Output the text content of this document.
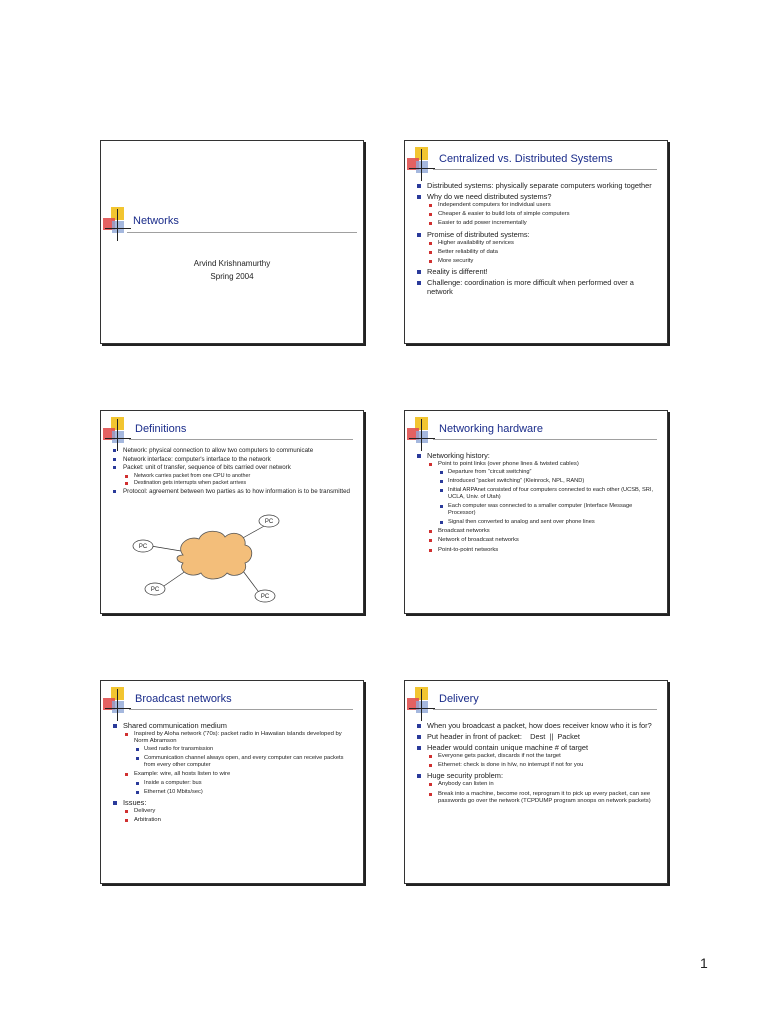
Networks
Arvind Krishnamurthy
Spring 2004
Centralized vs. Distributed Systems
Distributed systems: physically separate computers working together
Why do we need distributed systems?
Independent computers for individual users
Cheaper & easier to build lots of simple computers
Easier to add power incrementally
Promise of distributed systems:
Higher availability of services
Better reliability of data
More security
Reality is different!
Challenge: coordination is more difficult when performed over a network
Definitions
Network: physical connection to allow two computers to communicate
Network interface: computer's interface to the network
Packet: unit of transfer, sequence of bits carried over network
Network carries packet from one CPU to another
Destination gets interrupts when packet arrives
Protocol: agreement between two parties as to how information is to be transmitted
PC
PC
PC
PC
Networking hardware
Networking history:
Point to point links (over phone lines & twisted cables)
Departure from “circuit switching”
Introduced “packet switching” (Kleinrock, NPL, RAND)
Initial ARPAnet consisted of four computers connected to each other (UCSB, SRI, UCLA, Univ. of Utah)
Each computer was connected to a smaller computer (Interface Message Processor)
Signal then converted to analog and sent over phone lines
Broadcast networks
Network of broadcast networks
Point-to-point networks
Broadcast networks
Shared communication medium
Inspired by Aloha network ('70s): packet radio in Hawaiian islands developed by Norm Abramson
Used radio for transmission
Communication channel always open, and every computer can receive packets from every other computer
Example: wire, all hosts listen to wire
Inside a computer: bus
Ethernet (10 Mbits/sec)
Issues:
Delivery
Arbitration
Delivery
When you broadcast a packet, how does receiver know who it is for?
Put header in front of packet:    Dest  ||  Packet
Header would contain unique machine # of target
Everyone gets packet, discards if not the target
Ethernet: check is done in h/w, no interrupt if not for you
Huge security problem:
Anybody can listen in
Break into a machine, become root, reprogram it to pick up every packet, can see passwords go over the network (TCPDUMP program snoops on network packets)
1
